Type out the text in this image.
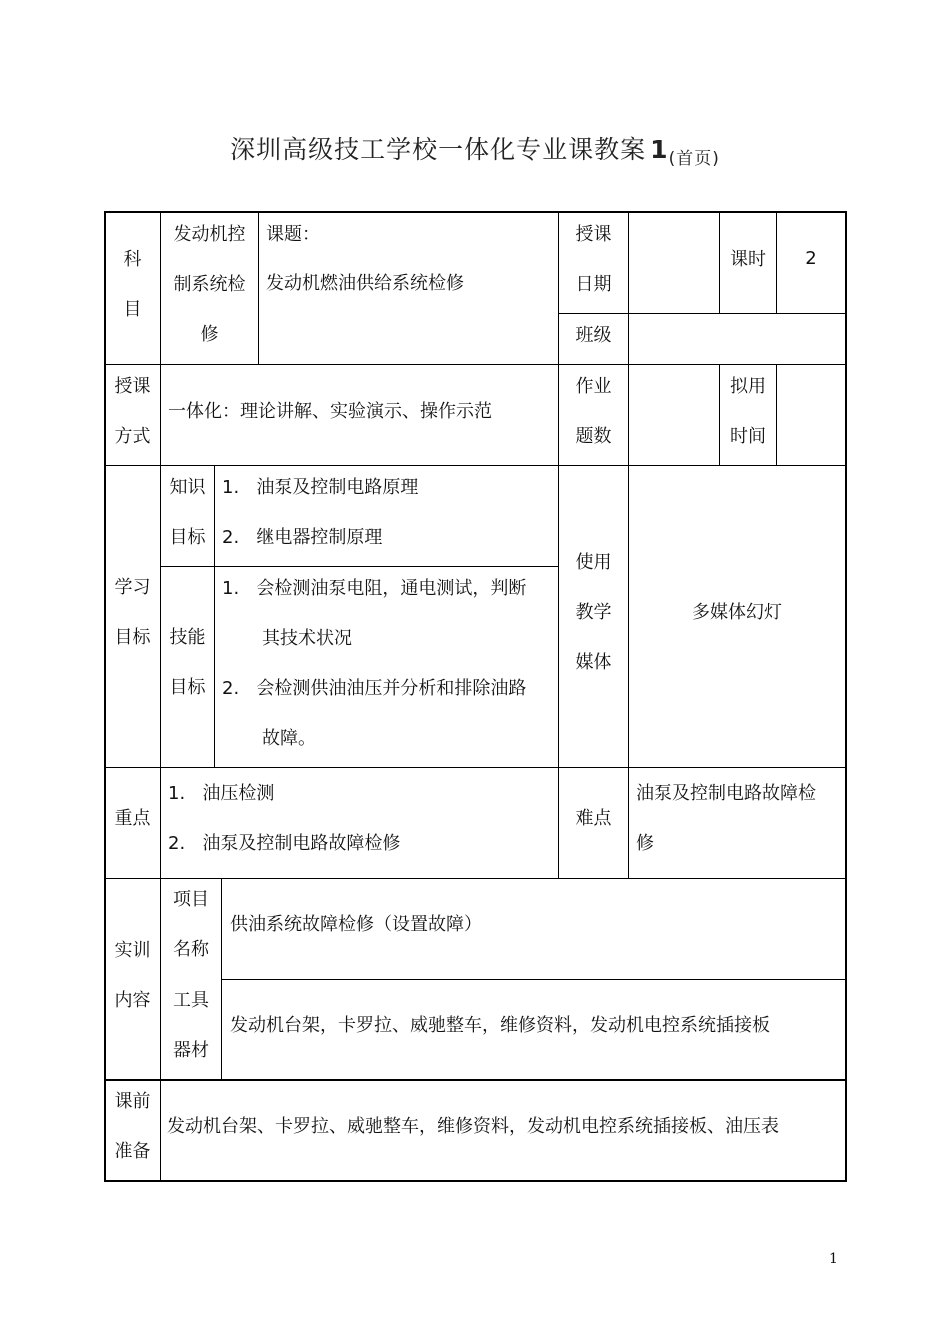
深圳高级技工学校一体化专业课教案 $1_{(首页)}$
科
目
发动机控
制系统检
修
课题：
发动机燃油供给系统检修
授课
日期
课时	2
班级
授课
方式
一体化：理论讲解、实验演示、操作示范
作业
题数
拟用
时间
学习
目标
知识
目标
1.   油泵及控制电路原理
2.   继电器控制原理
技能
目标
1.   会检测油泵电阻，通电测试，判断
其技术状况
2.   会检测供油油压并分析和排除油路
故障。
使用
教学
媒体
多媒体幻灯
重点
1.   油压检测
2.   油泵及控制电路故障检修
难点
油泵及控制电路故障检
修
实训
内容
项目
名称
供油系统故障检修（设置故障）
工具
器材
发动机台架，卡罗拉、威驰整车，维修资料，发动机电控系统插接板
课前
准备
发动机台架、卡罗拉、威驰整车，维修资料，发动机电控系统插接板、油压表
1
